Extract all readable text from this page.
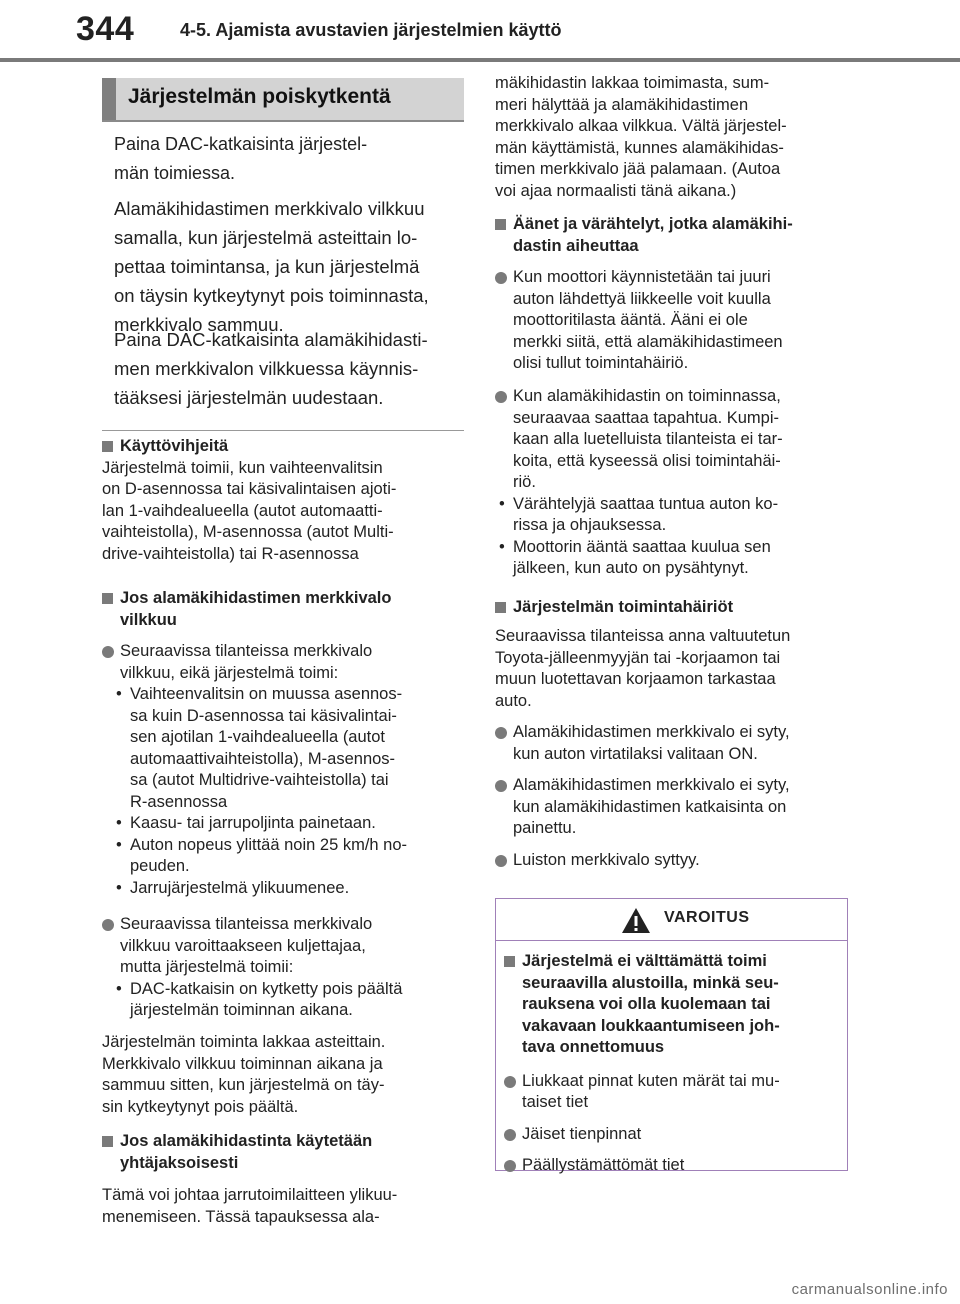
344	4-5. Ajamista avustavien järjestelmien käyttö
Järjestelmän poiskytkentä
Paina DAC-katkaisinta järjestel-
män toimiessa.
Alamäkihidastimen merkkivalo vilkkuu
samalla, kun järjestelmä asteittain lo-
pettaa toimintansa, ja kun järjestelmä
on täysin kytkeytynyt pois toiminnasta,
merkkivalo sammuu.
Paina DAC-katkaisinta alamäkihidasti-
men merkkivalon vilkkuessa käynnis-
tääksesi järjestelmän uudestaan.
Käyttövihjeitä
Järjestelmä toimii, kun vaihteenvalitsin
on D-asennossa tai käsivalintaisen ajoti-
lan 1-vaihdealueella (autot automaatti-
vaihteistolla), M-asennossa (autot Multi-
drive-vaihteistolla) tai R-asennossa
Jos alamäkihidastimen merkkivalo
vilkkuu
Seuraavissa tilanteissa merkkivalo
vilkkuu, eikä järjestelmä toimi:
• Vaihteenvalitsin on muussa asennos-
sa kuin D-asennossa tai käsivalintai-
sen ajotilan 1-vaihdealueella (autot
automaattivaihteistolla), M-asennos-
sa (autot Multidrive-vaihteistolla) tai
R-asennossa
• Kaasu- tai jarrupoljinta painetaan.
• Auton nopeus ylittää noin 25 km/h no-
peuden.
• Jarrujärjestelmä ylikuumenee.
Seuraavissa tilanteissa merkkivalo
vilkkuu varoittaakseen kuljettajaa,
mutta järjestelmä toimii:
• DAC-katkaisin on kytketty pois päältä
järjestelmän toiminnan aikana.
Järjestelmän toiminta lakkaa asteittain.
Merkkivalo vilkkuu toiminnan aikana ja
sammuu sitten, kun järjestelmä on täy-
sin kytkeytynyt pois päältä.
Jos alamäkihidastinta käytetään
yhtäjaksoisesti
Tämä voi johtaa jarrutoimilaitteen ylikuu-
menemiseen. Tässä tapauksessa ala-
mäkihidastin lakkaa toimimasta, sum-
meri hälyttää ja alamäkihidastimen
merkkivalo alkaa vilkkua. Vältä järjestel-
män käyttämistä, kunnes alamäkihidas-
timen merkkivalo jää palamaan. (Autoa
voi ajaa normaalisti tänä aikana.)
Äänet ja värähtelyt, jotka alamäkihi-
dastin aiheuttaa
Kun moottori käynnistetään tai juuri
auton lähdettyä liikkeelle voit kuulla
moottoritilasta ääntä. Ääni ei ole
merkki siitä, että alamäkihidastimeen
olisi tullut toimintahäiriö.
Kun alamäkihidastin on toiminnassa,
seuraavaa saattaa tapahtua. Kumpi-
kaan alla luetelluista tilanteista ei tar-
koita, että kyseessä olisi toimintahäi-
riö.
• Värähtelyjä saattaa tuntua auton ko-
rissa ja ohjauksessa.
• Moottorin ääntä saattaa kuulua sen
jälkeen, kun auto on pysähtynyt.
Järjestelmän toimintahäiriöt
Seuraavissa tilanteissa anna valtuutetun
Toyota-jälleenmyyjän tai -korjaamon tai
muun luotettavan korjaamon tarkastaa
auto.
Alamäkihidastimen merkkivalo ei syty,
kun auton virtatilaksi valitaan ON.
Alamäkihidastimen merkkivalo ei syty,
kun alamäkihidastimen katkaisinta on
painettu.
Luiston merkkivalo syttyy.
VAROITUS
Järjestelmä ei välttämättä toimi
seuraavilla alustoilla, minkä seu-
rauksena voi olla kuolemaan tai
vakavaan loukkaantumiseen joh-
tava onnettomuus
Liukkaat pinnat kuten märät tai mu-
taiset tiet
Jäiset tienpinnat
Päällystämättömät tiet
carmanualsonline.info
